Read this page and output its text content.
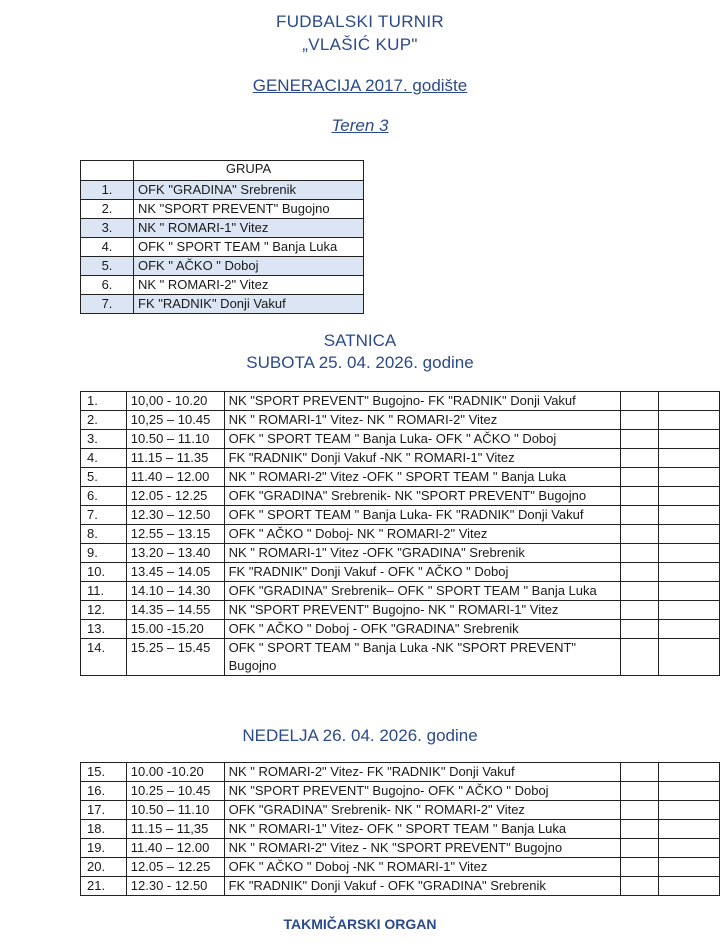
FUDBALSKI TURNIR
„VLAŠIĆ KUP"
GENERACIJA 2017. godište
Teren 3
	GRUPA
1.	OFK "GRADINA" Srebrenik
2.	NK "SPORT PREVENT" Bugojno
3.	NK " ROMARI-1" Vitez
4.	OFK " SPORT TEAM " Banja Luka
5.	OFK " AČKO " Doboj
6.	NK " ROMARI-2" Vitez
7.	FK "RADNIK" Donji Vakuf
SATNICA
SUBOTA 25. 04. 2026. godine
1.	10,00 - 10.20	NK "SPORT PREVENT" Bugojno- FK "RADNIK" Donji Vakuf		
2.	10,25 – 10.45	NK " ROMARI-1" Vitez- NK " ROMARI-2" Vitez		
3.	10.50 – 11.10	OFK " SPORT TEAM " Banja Luka- OFK " AČKO " Doboj		
4.	11.15 – 11.35	FK "RADNIK" Donji Vakuf -NK " ROMARI-1" Vitez		
5.	11.40 – 12.00	NK " ROMARI-2" Vitez -OFK " SPORT TEAM " Banja Luka		
6.	12.05 - 12.25	OFK "GRADINA" Srebrenik- NK "SPORT PREVENT" Bugojno		
7.	12.30 – 12.50	OFK " SPORT TEAM " Banja Luka- FK "RADNIK" Donji Vakuf		
8.	12.55 – 13.15	OFK " AČKO " Doboj- NK " ROMARI-2" Vitez		
9.	13.20 – 13.40	NK " ROMARI-1" Vitez -OFK "GRADINA" Srebrenik		
10.	13.45 – 14.05	FK "RADNIK" Donji Vakuf - OFK " AČKO " Doboj		
11.	14.10 – 14.30	OFK "GRADINA" Srebrenik– OFK " SPORT TEAM " Banja Luka		
12.	14.35 – 14.55	NK "SPORT PREVENT" Bugojno- NK " ROMARI-1" Vitez		
13.	15.00 -15.20	OFK " AČKO " Doboj - OFK "GRADINA" Srebrenik		
14.	15.25 – 15.45	OFK " SPORT TEAM " Banja Luka -NK "SPORT PREVENT" Bugojno		
NEDELJA 26. 04. 2026. godine
15.	10.00 -10.20	NK " ROMARI-2" Vitez- FK "RADNIK" Donji Vakuf		
16.	10.25 – 10.45	NK "SPORT PREVENT" Bugojno- OFK " AČKO " Doboj		
17.	10.50 – 11.10	OFK "GRADINA" Srebrenik- NK " ROMARI-2" Vitez		
18.	11.15 – 11,35	NK " ROMARI-1" Vitez- OFK " SPORT TEAM " Banja Luka		
19.	11.40 – 12.00	NK " ROMARI-2" Vitez - NK "SPORT PREVENT" Bugojno		
20.	12.05 – 12.25	OFK " AČKO " Doboj -NK " ROMARI-1" Vitez		
21.	12.30 - 12.50	FK "RADNIK" Donji Vakuf - OFK "GRADINA" Srebrenik		
TAKMIČARSKI ORGAN
